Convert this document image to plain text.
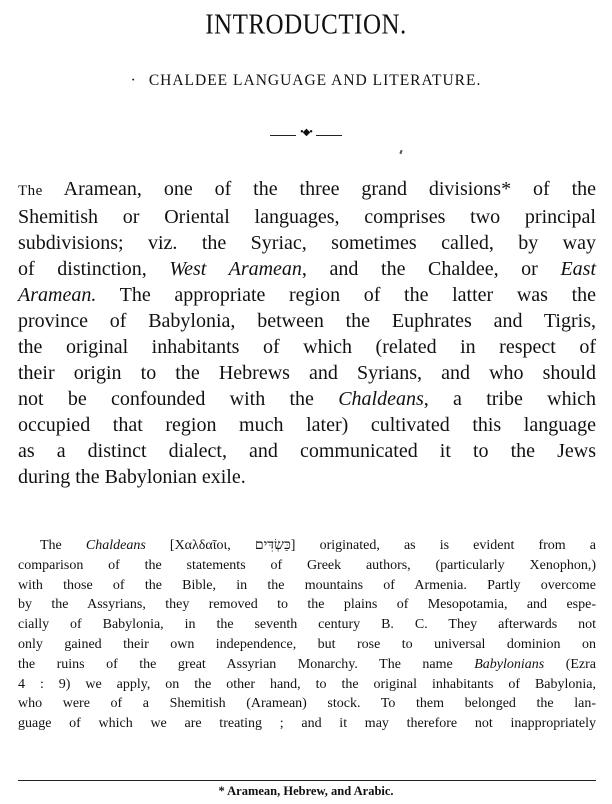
INTRODUCTION.
· CHALDEE LANGUAGE AND LITERATURE.
•◆•

The Aramean, one of the three grand divisions* of the
Shemitish or Oriental languages, comprises two principal
subdivisions; viz. the Syriac, sometimes called, by way
of distinction, West Aramean, and the Chaldee, or East
Aramean. The appropriate region of the latter was the
province of Babylonia, between the Euphrates and Tigris,
the original inhabitants of which (related in respect of
their origin to the Hebrews and Syrians, and who should
not be confounded with the Chaldeans, a tribe which
occupied that region much later) cultivated this language
as a distinct dialect, and communicated it to the Jews
during the Babylonian exile.

The Chaldeans [Χαλδαῖοι, כַּשְׂדִּים] originated, as is evident from a
comparison of the statements of Greek authors, (particularly Xenophon,)
with those of the Bible, in the mountains of Armenia. Partly overcome
by the Assyrians, they removed to the plains of Mesopotamia, and espe-
cially of Babylonia, in the seventh century B. C. They afterwards not
only gained their own independence, but rose to universal dominion on
the ruins of the great Assyrian Monarchy. The name Babylonians (Ezra
4 : 9) we apply, on the other hand, to the original inhabitants of Babylonia,
who were of a Shemitish (Aramean) stock. To them belonged the lan-
guage of which we are treating ; and it may therefore not inappropriately

* Aramean, Hebrew, and Arabic.
